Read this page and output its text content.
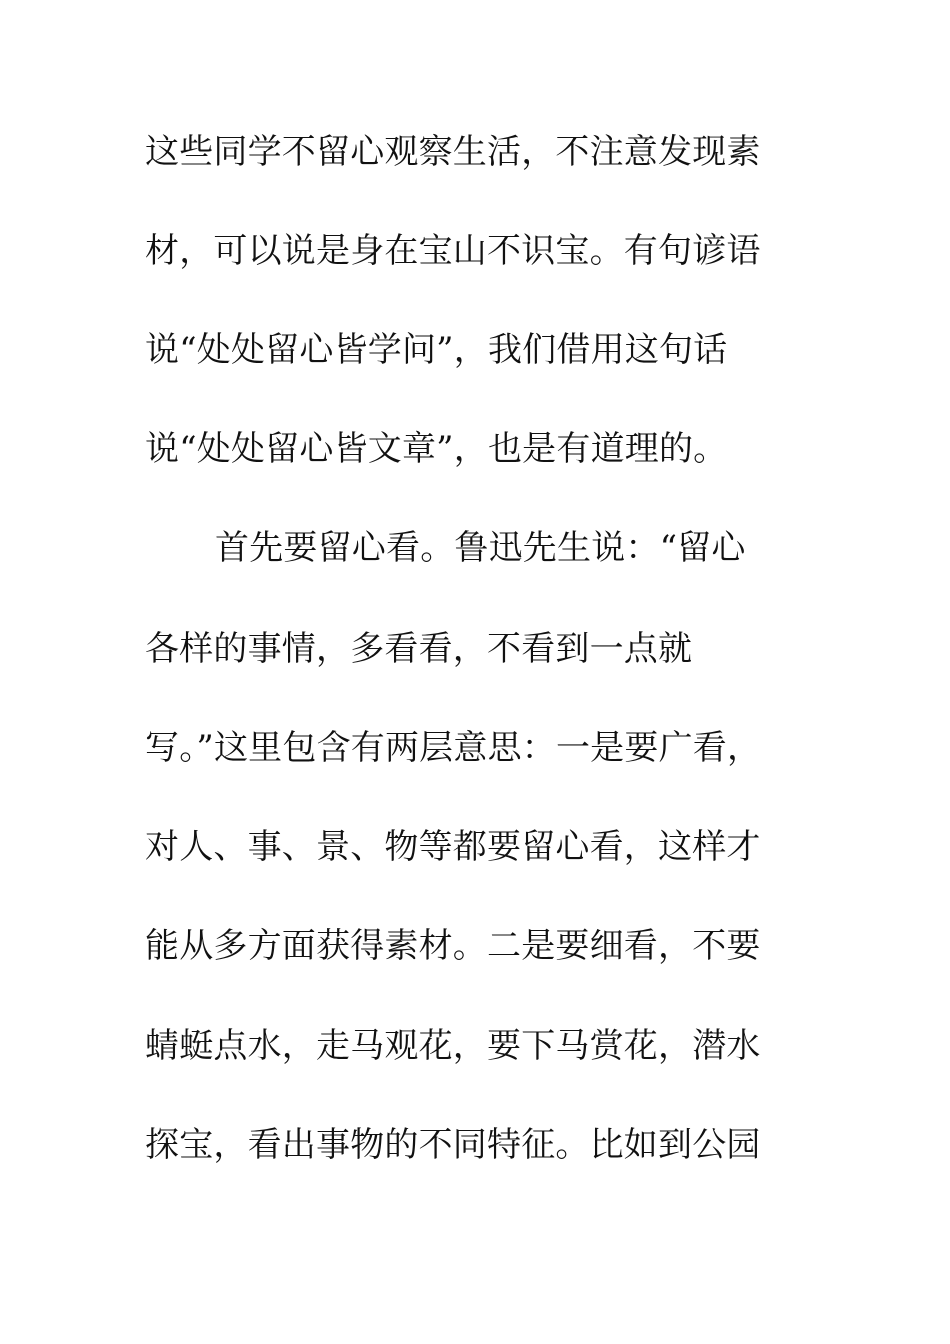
这些同学不留心观察生活，不注意发现素
材，可以说是身在宝山不识宝。有句谚语
说“处处留心皆学问”，我们借用这句话
说“处处留心皆文章”，也是有道理的。
首先要留心看。鲁迅先生说：“留心
各样的事情，多看看，不看到一点就
写。”这里包含有两层意思：一是要广看，
对人、事、景、物等都要留心看，这样才
能从多方面获得素材。二是要细看，不要
蜻蜓点水，走马观花，要下马赏花，潜水
探宝，看出事物的不同特征。比如到公园
